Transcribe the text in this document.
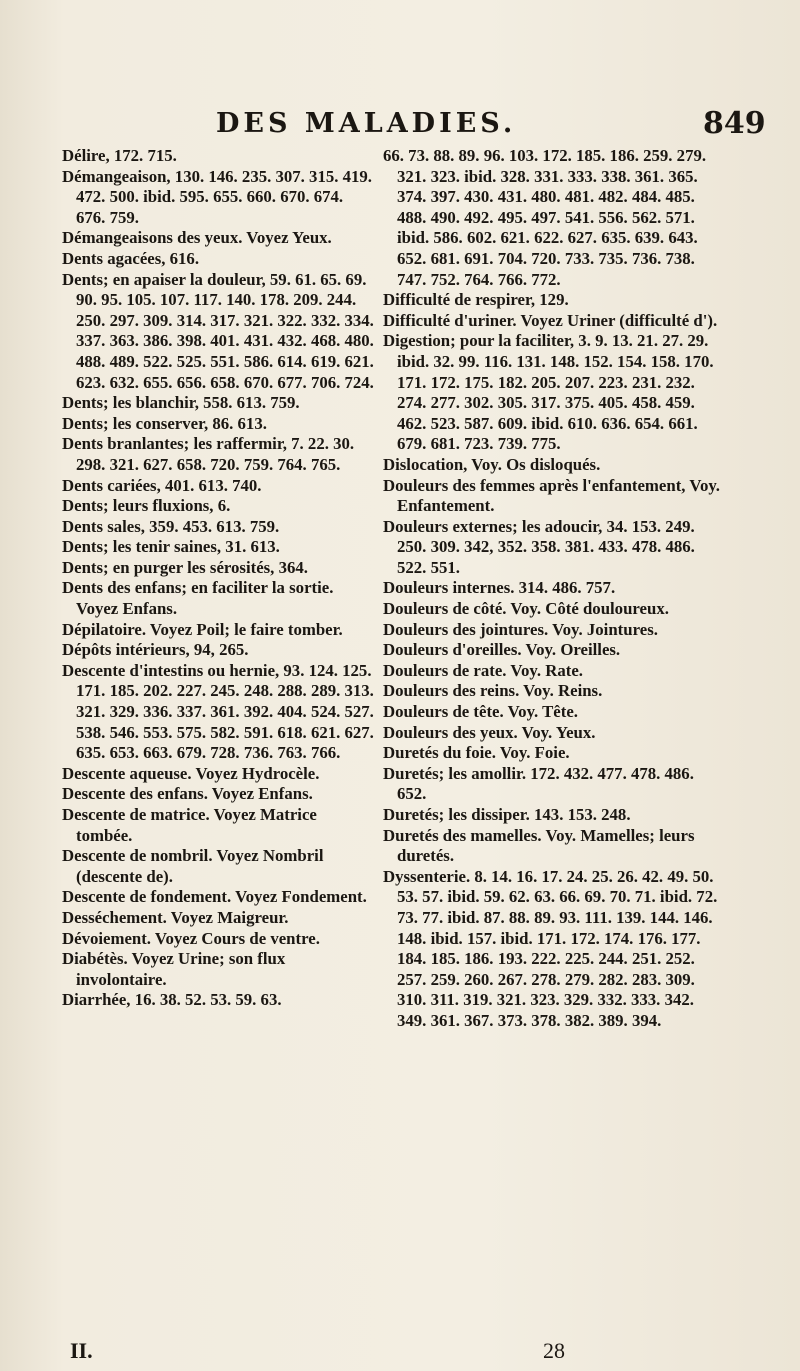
DES MALADIES.	849

Délire, 172. 715.

Démangeaison, 130. 146. 235. 307. 315. 419. 472. 500. ibid. 595. 655. 660. 670. 674. 676. 759.

Démangeaisons des yeux. Voyez Yeux.

Dents agacées, 616.

Dents; en apaiser la douleur, 59. 61. 65. 69. 90. 95. 105. 107. 117. 140. 178. 209. 244. 250. 297. 309. 314. 317. 321. 322. 332. 334. 337. 363. 386. 398. 401. 431. 432. 468. 480. 488. 489. 522. 525. 551. 586. 614. 619. 621. 623. 632. 655. 656. 658. 670. 677. 706. 724.

Dents; les blanchir, 558. 613. 759.

Dents; les conserver, 86. 613.

Dents branlantes; les raffermir, 7. 22. 30. 298. 321. 627. 658. 720. 759. 764. 765.

Dents cariées, 401. 613. 740.

Dents; leurs fluxions, 6.

Dents sales, 359. 453. 613. 759.

Dents; les tenir saines, 31. 613.

Dents; en purger les sérosités, 364.

Dents des enfans; en faciliter la sortie. Voyez Enfans.

Dépilatoire. Voyez Poil; le faire tomber.

Dépôts intérieurs, 94, 265.

Descente d'intestins ou hernie, 93. 124. 125. 171. 185. 202. 227. 245. 248. 288. 289. 313. 321. 329. 336. 337. 361. 392. 404. 524. 527. 538. 546. 553. 575. 582. 591. 618. 621. 627. 635. 653. 663. 679. 728. 736. 763. 766.

Descente aqueuse. Voyez Hydrocèle.

Descente des enfans. Voyez Enfans.

Descente de matrice. Voyez Matrice tombée.

Descente de nombril. Voyez Nombril (descente de).

Descente de fondement. Voyez Fondement.

Desséchement. Voyez Maigreur.

Dévoiement. Voyez Cours de ventre.

Diabétès. Voyez Urine; son flux involontaire.

Diarrhée, 16. 38. 52. 53. 59. 63.

66. 73. 88. 89. 96. 103. 172. 185. 186. 259. 279. 321. 323. ibid. 328. 331. 333. 338. 361. 365. 374. 397. 430. 431. 480. 481. 482. 484. 485. 488. 490. 492. 495. 497. 541. 556. 562. 571. ibid. 586. 602. 621. 622. 627. 635. 639. 643. 652. 681. 691. 704. 720. 733. 735. 736. 738. 747. 752. 764. 766. 772.

Difficulté de respirer, 129.

Difficulté d'uriner. Voyez Uriner (difficulté d').

Digestion; pour la faciliter, 3. 9. 13. 21. 27. 29. ibid. 32. 99. 116. 131. 148. 152. 154. 158. 170. 171. 172. 175. 182. 205. 207. 223. 231. 232. 274. 277. 302. 305. 317. 375. 405. 458. 459. 462. 523. 587. 609. ibid. 610. 636. 654. 661. 679. 681. 723. 739. 775.

Dislocation, Voy. Os disloqués.

Douleurs des femmes après l'enfantement, Voy. Enfantement.

Douleurs externes; les adoucir, 34. 153. 249. 250. 309. 342, 352. 358. 381. 433. 478. 486. 522. 551.

Douleurs internes. 314. 486. 757.

Douleurs de côté. Voy. Côté douloureux.

Douleurs des jointures. Voy. Jointures.

Douleurs d'oreilles. Voy. Oreilles.

Douleurs de rate. Voy. Rate.

Douleurs des reins. Voy. Reins.

Douleurs de tête. Voy. Tête.

Douleurs des yeux. Voy. Yeux.

Duretés du foie. Voy. Foie.

Duretés; les amollir. 172. 432. 477. 478. 486. 652.

Duretés; les dissiper. 143. 153. 248.

Duretés des mamelles. Voy. Mamelles; leurs duretés.

Dyssenterie. 8. 14. 16. 17. 24. 25. 26. 42. 49. 50. 53. 57. ibid. 59. 62. 63. 66. 69. 70. 71. ibid. 72. 73. 77. ibid. 87. 88. 89. 93. 111. 139. 144. 146. 148. ibid. 157. ibid. 171. 172. 174. 176. 177. 184. 185. 186. 193. 222. 225. 244. 251. 252. 257. 259. 260. 267. 278. 279. 282. 283. 309. 310. 311. 319. 321. 323. 329. 332. 333. 342. 349. 361. 367. 373. 378. 382. 389. 394.

II.	28
